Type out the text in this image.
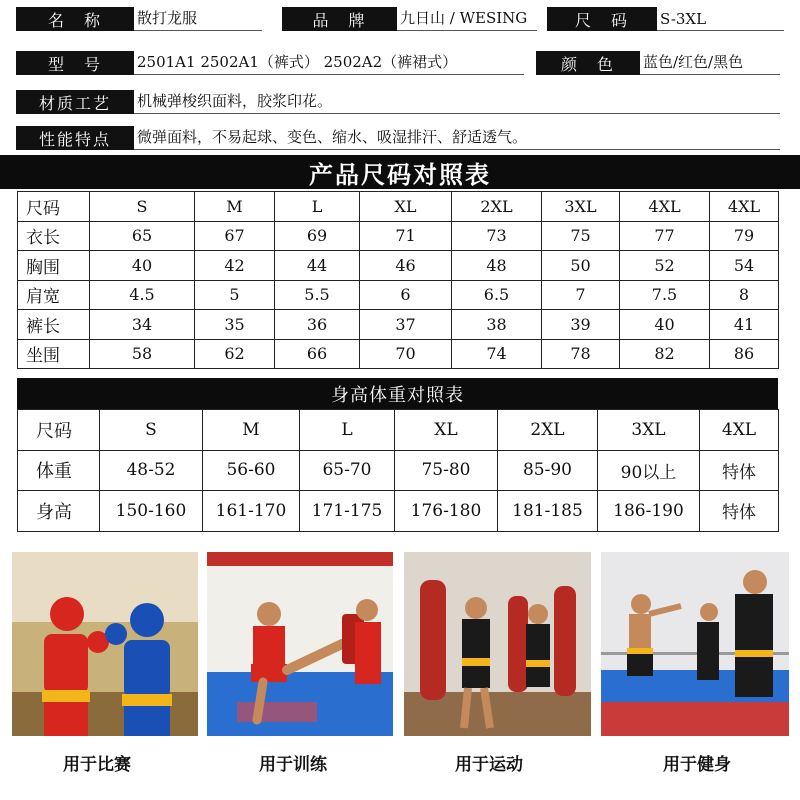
名　称	散打龙服	品　牌	九日山 / WESING	尺　码	S-3XL
型　号	2501A1 2502A1（裤式） 2502A2（裤裙式）	颜　色	蓝色/红色/黑色
材质工艺	机械弹梭织面料，胶浆印花。
性能特点	微弹面料，不易起球、变色、缩水、吸湿排汗、舒适透气。
产品尺码对照表
尺码	S	M	L	XL	2XL	3XL	4XL	4XL
衣长	65	67	69	71	73	75	77	79
胸围	40	42	44	46	48	50	52	54
肩宽	4.5	5	5.5	6	6.5	7	7.5	8
裤长	34	35	36	37	38	39	40	41
坐围	58	62	66	70	74	78	82	86
身高体重对照表
尺码	S	M	L	XL	2XL	3XL	4XL
体重	48-52	56-60	65-70	75-80	85-90	90以上	特体
身高	150-160	161-170	171-175	176-180	181-185	186-190	特体
用于比赛	用于训练	用于运动	用于健身
